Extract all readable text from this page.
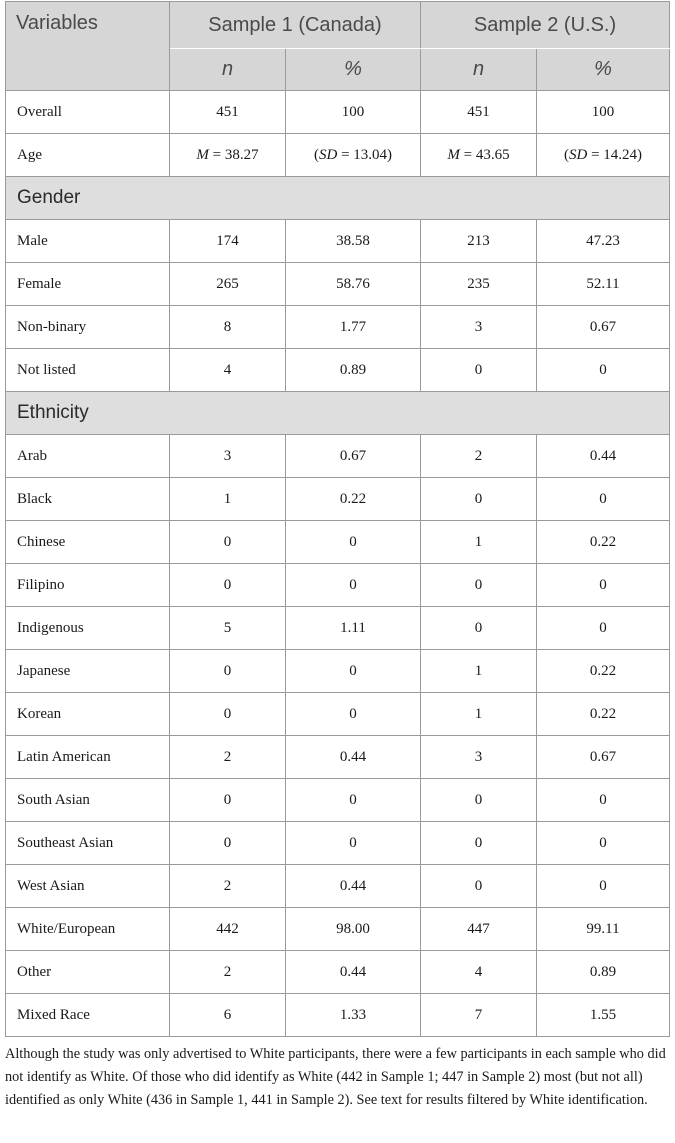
Variables	Sample 1 (Canada)		Sample 2 (U.S.)	
	n	%	n	%
Overall	451	100	451	100
Age	M = 38.27	(SD = 13.04)	M = 43.65	(SD = 14.24)
Gender				
Male	174	38.58	213	47.23
Female	265	58.76	235	52.11
Non-binary	8	1.77	3	0.67
Not listed	4	0.89	0	0
Ethnicity				
Arab	3	0.67	2	0.44
Black	1	0.22	0	0
Chinese	0	0	1	0.22
Filipino	0	0	0	0
Indigenous	5	1.11	0	0
Japanese	0	0	1	0.22
Korean	0	0	1	0.22
Latin American	2	0.44	3	0.67
South Asian	0	0	0	0
Southeast Asian	0	0	0	0
West Asian	2	0.44	0	0
White/European	442	98.00	447	99.11
Other	2	0.44	4	0.89
Mixed Race	6	1.33	7	1.55
Although the study was only advertised to White participants, there were a few participants in each sample who did not identify as White. Of those who did identify as White (442 in Sample 1; 447 in Sample 2) most (but not all) identified as only White (436 in Sample 1, 441 in Sample 2). See text for results filtered by White identification.
